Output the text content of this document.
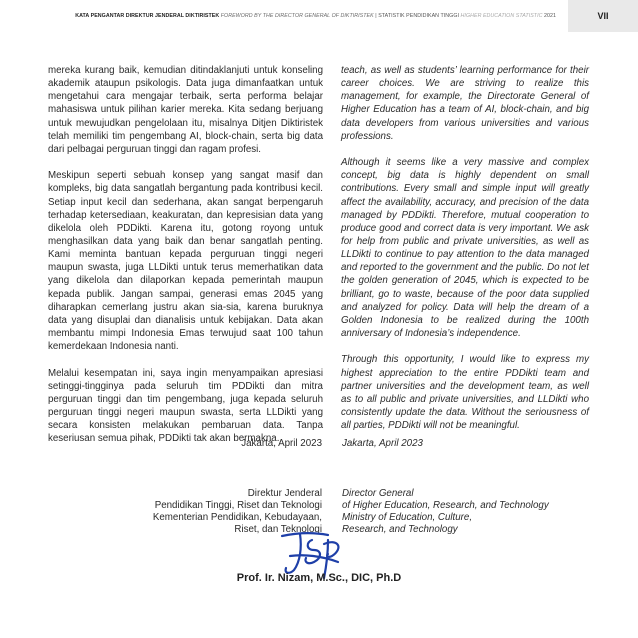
KATA PENGANTAR DIREKTUR JENDERAL DIKTIRISTEK FOREWORD BY THE DIRECTOR GENERAL OF DIKTIRISTEK | STATISTIK PENDIDIKAN TINGGI HIGHER EDUCATION STATISTIC 2021	VII

mereka kurang baik, kemudian ditindaklanjuti untuk konseling akademik ataupun psikologis. Data juga dimanfaatkan untuk mengetahui cara mengajar terbaik, serta performa belajar mahasiswa untuk pilihan karier mereka. Kita sedang berjuang untuk mewujudkan pengelolaan itu, misalnya Ditjen Diktiristek telah memiliki tim pengembang AI, block-chain, serta big data dari pelbagai perguruan tinggi dan ragam profesi.

Meskipun seperti sebuah konsep yang sangat masif dan kompleks, big data sangatlah bergantung pada kontribusi kecil. Setiap input kecil dan sederhana, akan sangat berpengaruh terhadap ketersediaan, keakuratan, dan kepresisian data yang dikelola oleh PDDikti. Karena itu, gotong royong untuk menghasilkan data yang baik dan benar sangatlah penting. Kami meminta bantuan kepada perguruan tinggi negeri maupun swasta, juga LLDikti untuk terus memerhatikan data yang dikelola dan dilaporkan kepada pemerintah maupun kepada publik. Jangan sampai, generasi emas 2045 yang diharapkan cemerlang justru akan sia-sia, karena buruknya data yang disuplai dan dianalisis untuk kebijakan. Data akan membantu mimpi Indonesia Emas terwujud saat 100 tahun kemerdekaan Indonesia nanti.

Melalui kesempatan ini, saya ingin menyampaikan apresiasi setinggi-tingginya pada seluruh tim PDDikti dan mitra perguruan tinggi dan tim pengembang, juga kepada seluruh perguruan tinggi negeri maupun swasta, serta LLDikti yang secara konsisten melakukan pembaruan data. Tanpa keseriusan semua pihak, PDDikti tak akan bermakna.

teach, as well as students’ learning performance for their career choices. We are striving to realize this management, for example, the Directorate General of Higher Education has a team of AI, block-chain, and big data developers from various universities and various professions.

Although it seems like a very massive and complex concept, big data is highly dependent on small contributions. Every small and simple input will greatly affect the availability, accuracy, and precision of the data managed by PDDikti. Therefore, mutual cooperation to produce good and correct data is very important. We ask for help from public and private universities, as well as LLDikti to continue to pay attention to the data managed and reported to the government and the public. Do not let the golden generation of 2045, which is expected to be brilliant, go to waste, because of the poor data supplied and analyzed for policy. Data will help the dream of a Golden Indonesia to be realized during the 100th anniversary of Indonesia’s independence.

Through this opportunity, I would like to express my highest appreciation to the entire PDDikti team and partner universities and the development team, as well as to all public and private universities, and LLDikti who consistently update the data. Without the seriousness of all parties, PDDikti will not be meaningful.

Jakarta, April 2023 Jakarta, April 2023
Direktur Jenderal
Pendidikan Tinggi, Riset dan Teknologi
Kementerian Pendidikan, Kebudayaan,
Riset, dan Teknologi
Director General
of Higher Education, Research, and Technology
Ministry of Education, Culture,
Research, and Technology
Prof. Ir. Nizam, M.Sc., DIC, Ph.D
